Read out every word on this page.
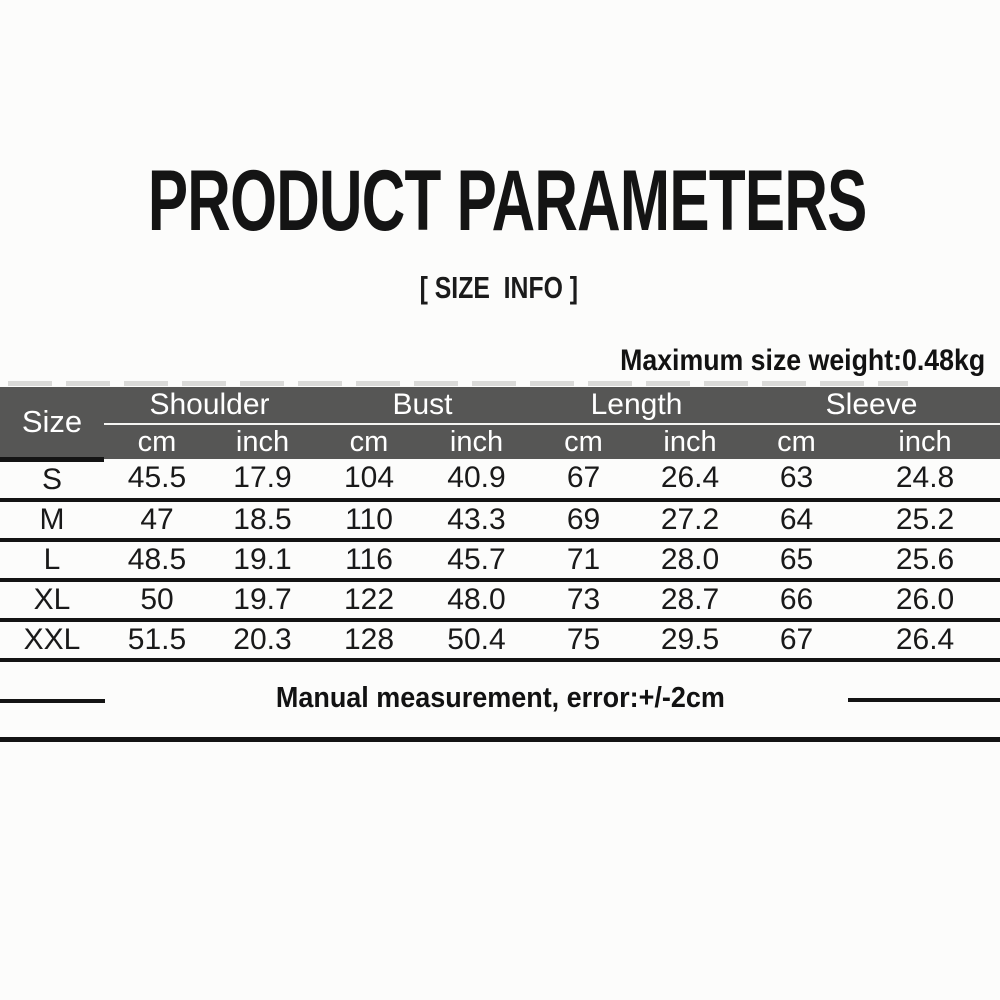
PRODUCT PARAMETERS
[ SIZE  INFO ]
Maximum size weight:0.48kg
Size	Shoulder		Bust		Length		Sleeve	
	cm	inch	cm	inch	cm	inch	cm	inch
S	45.5	17.9	104	40.9	67	26.4	63	24.8
M	47	18.5	110	43.3	69	27.2	64	25.2
L	48.5	19.1	116	45.7	71	28.0	65	25.6
XL	50	19.7	122	48.0	73	28.7	66	26.0
XXL	51.5	20.3	128	50.4	75	29.5	67	26.4
Manual measurement, error:+/-2cm
